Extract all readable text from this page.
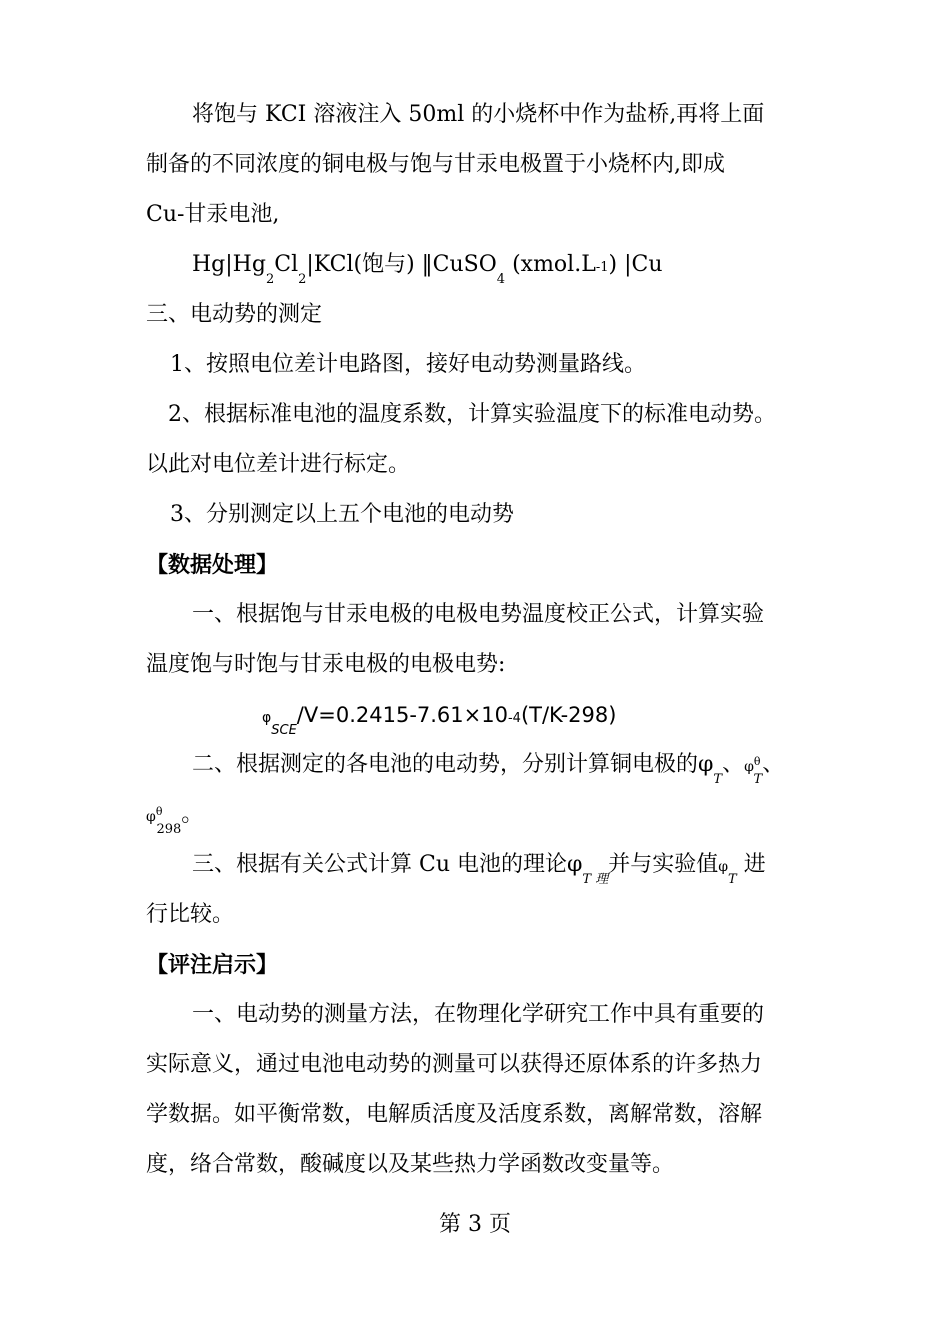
将饱与 KCI 溶液注入 50ml 的小烧杯中作为盐桥,再将上面
制备的不同浓度的铜电极与饱与甘汞电极置于小烧杯内,即成
Cu-甘汞电池,
$Hg|Hg_2Cl_2|KCl$(饱与) ‖CuSO$_4$ (xmol.L-1) |Cu
三、电动势的测定
1、按照电位差计电路图，接好电动势测量路线。
2、根据标准电池的温度系数，计算实验温度下的标准电动势。
以此对电位差计进行标定。
3、分别测定以上五个电池的电动势
【数据处理】
一、根据饱与甘汞电极的电极电势温度校正公式，计算实验
温度饱与时饱与甘汞电极的电极电势:
$\varphi_{SCE}/V=0.2415-7.61\times 10-4(T/K-298)$
二、根据测定的各电池的电动势，分别计算铜电极的$\varphi_T$、$\varphi^\theta_T$、
$\varphi^\theta_{298}$。
三、根据有关公式计算 Cu 电池的理论$\varphi_{T 理}$并与实验值$\varphi_T$ 进
行比较。
【评注启示】
一、电动势的测量方法，在物理化学研究工作中具有重要的
实际意义，通过电池电动势的测量可以获得还原体系的许多热力
学数据。如平衡常数，电解质活度及活度系数，离解常数，溶解
度，络合常数，酸碱度以及某些热力学函数改变量等。
第 3 页
